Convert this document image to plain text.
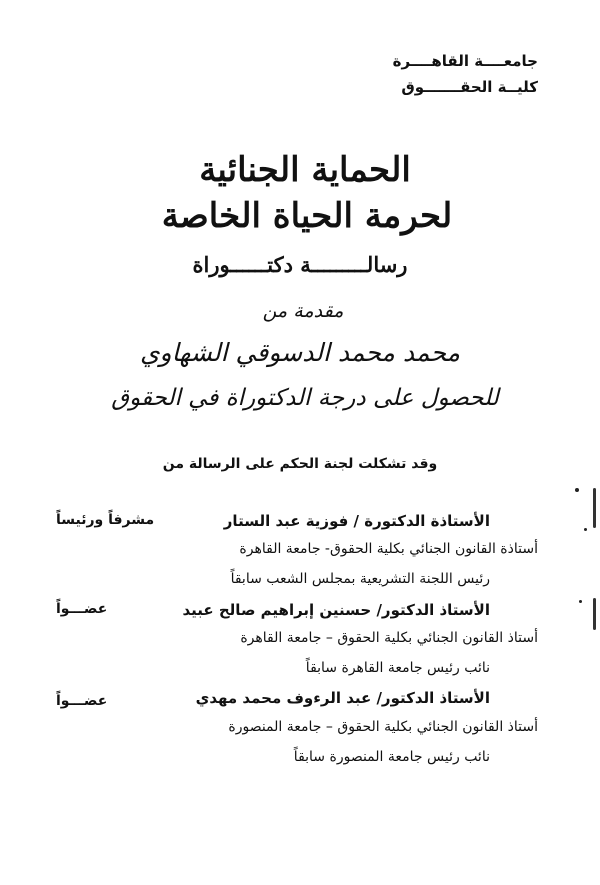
جامعــــة القاهــــرة
كليــة الحقـــــــوق
الحماية الجنائية
لحرمة الحياة الخاصة
رسالـــــــــة دكتــــــوراة
مقدمة من
محمد محمد الدسوقي الشهاوي
للحصول على درجة الدكتوراة في الحقوق
وقد تشكلت لجنة الحكم على الرسالة من
الأستاذة الدكتورة / فوزية عبد الستار
مشرفاً ورئيساً
أستاذة القانون الجنائي بكلية الحقوق- جامعة القاهرة
رئيس اللجنة التشريعية بمجلس الشعب سابقاً
الأستاذ الدكتور/ حسنين إبراهيم صالح عبيد
عضـــواً
أستاذ القانون الجنائي بكلية الحقوق – جامعة القاهرة
نائب رئيس جامعة القاهرة سابقاً
الأستاذ الدكتور/ عبد الرءوف محمد مهدي
عضـــواً
أستاذ القانون الجنائي بكلية الحقوق – جامعة المنصورة
نائب رئيس جامعة المنصورة سابقاً
